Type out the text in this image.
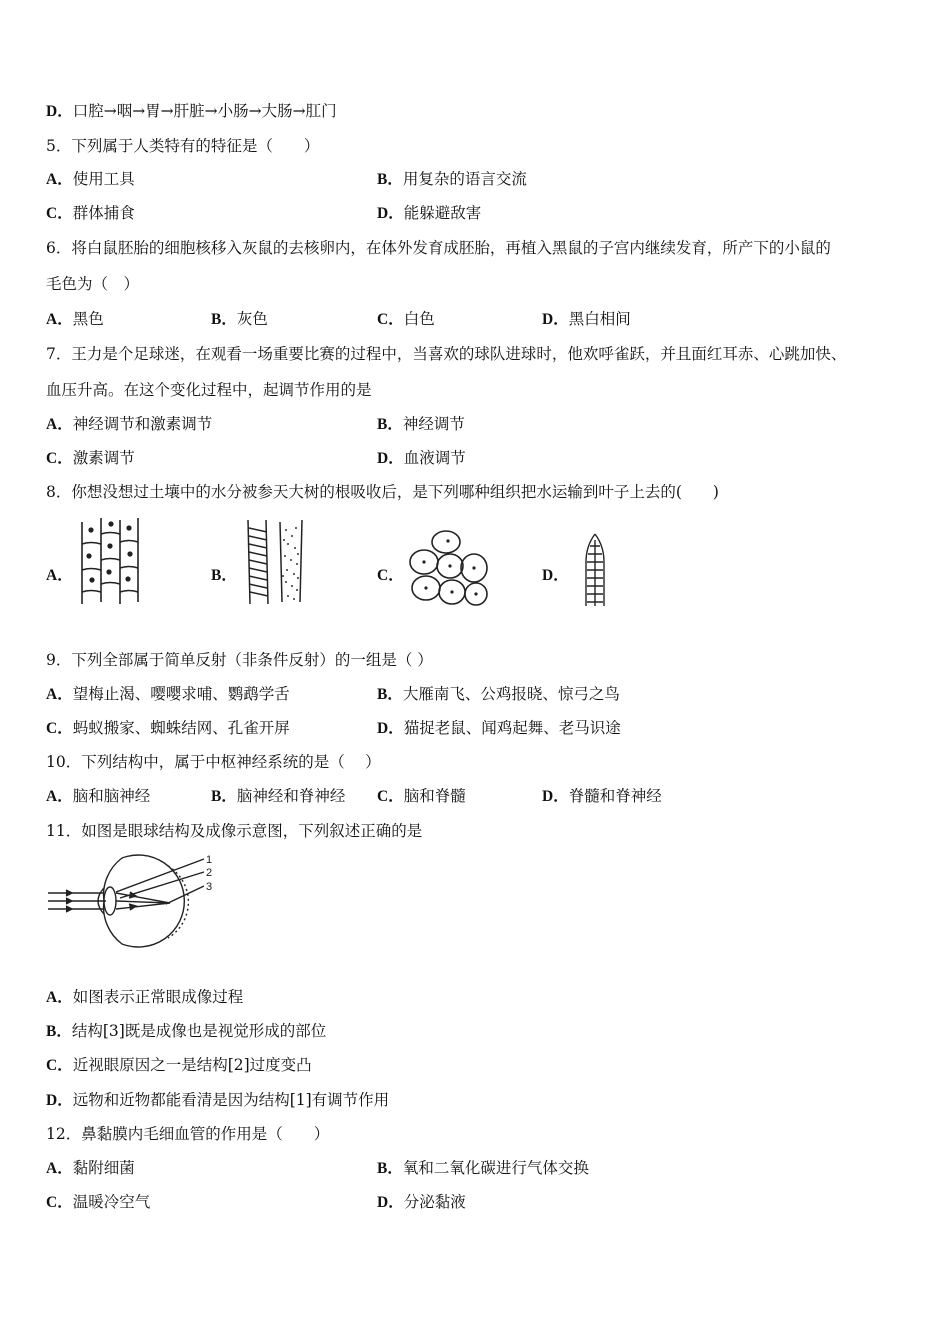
D．口腔→咽→胃→肝脏→小肠→大肠→肛门
5．下列属于人类特有的特征是（　　）
A．使用工具	B．用复杂的语言交流
C．群体捕食	D．能躲避敌害
6．将白鼠胚胎的细胞核移入灰鼠的去核卵内，在体外发育成胚胎，再植入黑鼠的子宫内继续发育，所产下的小鼠的
毛色为（　）
A．黑色	B．灰色	C．白色	D．黑白相间
7．王力是个足球迷，在观看一场重要比赛的过程中，当喜欢的球队进球时，他欢呼雀跃，并且面红耳赤、心跳加快、
血压升高。在这个变化过程中，起调节作用的是
A．神经调节和激素调节	B．神经调节
C．激素调节	D．血液调节
8．你想没想过土壤中的水分被参天大树的根吸收后，是下列哪种组织把水运输到叶子上去的(　　)
A．	B．	C．	D．
9．下列全部属于简单反射（非条件反射）的一组是（ ）
A．望梅止渴、嘤嘤求哺、鹦鹉学舌	B．大雁南飞、公鸡报晓、惊弓之鸟
C．蚂蚁搬家、蜘蛛结网、孔雀开屏	D．猫捉老鼠、闻鸡起舞、老马识途
10．下列结构中，属于中枢神经系统的是（　 ）
A．脑和脑神经	B．脑神经和脊神经 C．脑和脊髓	D．脊髓和脊神经
11．如图是眼球结构及成像示意图，下列叙述正确的是
1
2
3
A．如图表示正常眼成像过程
B．结构[3]既是成像也是视觉形成的部位
C．近视眼原因之一是结构[2]过度变凸
D．远物和近物都能看清是因为结构[1]有调节作用
12．鼻黏膜内毛细血管的作用是（　　）
A．黏附细菌	B．氧和二氧化碳进行气体交换
C．温暖冷空气	D．分泌黏液
